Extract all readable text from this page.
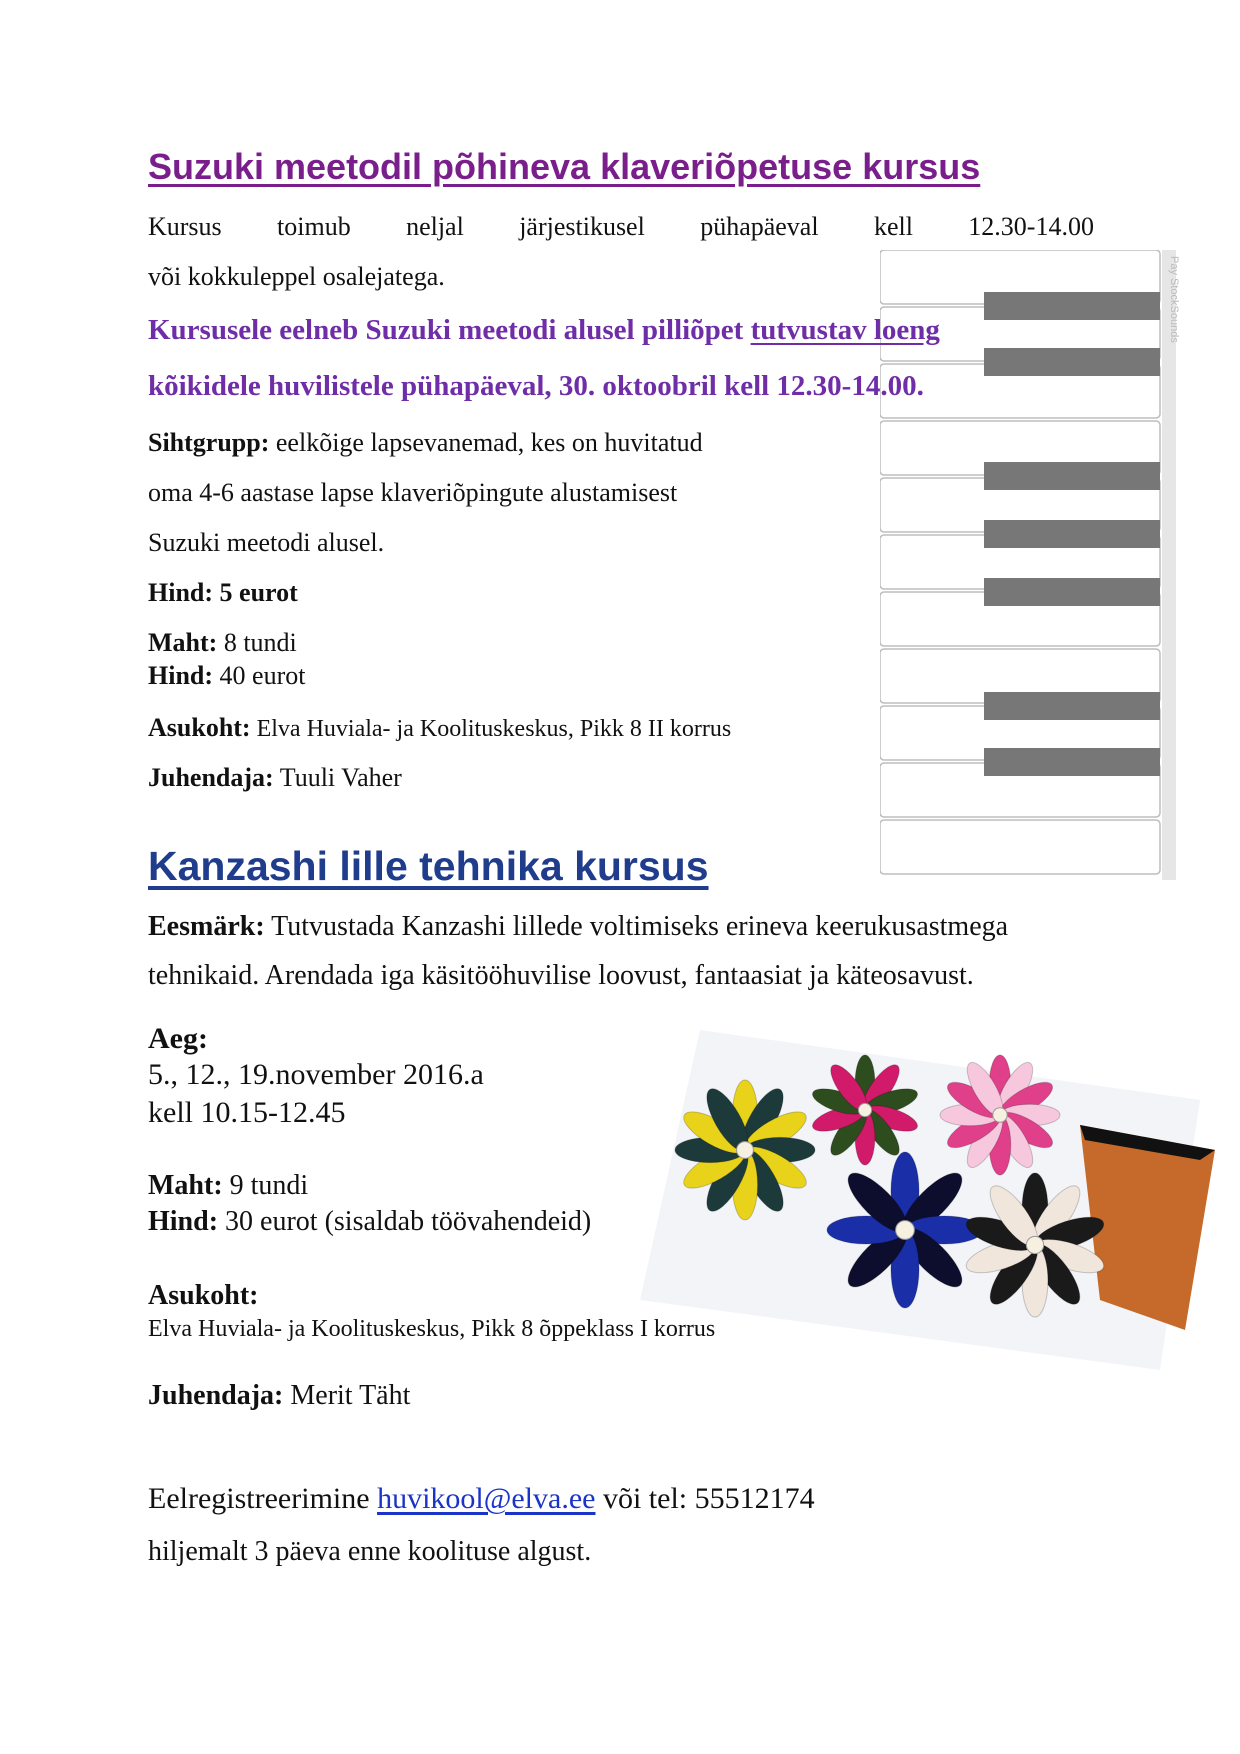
Pay StockSounds
Suzuki meetodil põhineva klaveriõpetuse kursus
Kursus toimub neljal järjestikusel pühapäeval kell 12.30-14.00
või kokkuleppel osalejatega.
Kursusele eelneb Suzuki meetodi alusel pilliõpet tutvustav loeng
kõikidele huvilistele pühapäeval, 30. oktoobril kell 12.30-14.00.
Sihtgrupp: eelkõige lapsevanemad, kes on huvitatud
oma 4-6 aastase lapse klaveriõpingute alustamisest
Suzuki meetodi alusel.
Hind: 5 eurot
Maht: 8 tundi
Hind: 40 eurot
Asukoht: Elva Huviala- ja Koolituskeskus, Pikk 8 II korrus
Juhendaja: Tuuli Vaher
Kanzashi lille tehnika kursus
Eesmärk: Tutvustada Kanzashi lillede voltimiseks erineva keerukusastmega
tehnikaid. Arendada iga käsitööhuvilise loovust, fantaasiat ja käteosavust.
Aeg:
5., 12., 19.november 2016.a
kell 10.15-12.45
Maht: 9 tundi
Hind: 30 eurot (sisaldab töövahendeid)
Asukoht:
Elva Huviala- ja Koolituskeskus, Pikk 8 õppeklass I korrus
Juhendaja: Merit Täht
Eelregistreerimine huvikool@elva.ee või tel: 55512174
hiljemalt 3 päeva enne koolituse algust.
